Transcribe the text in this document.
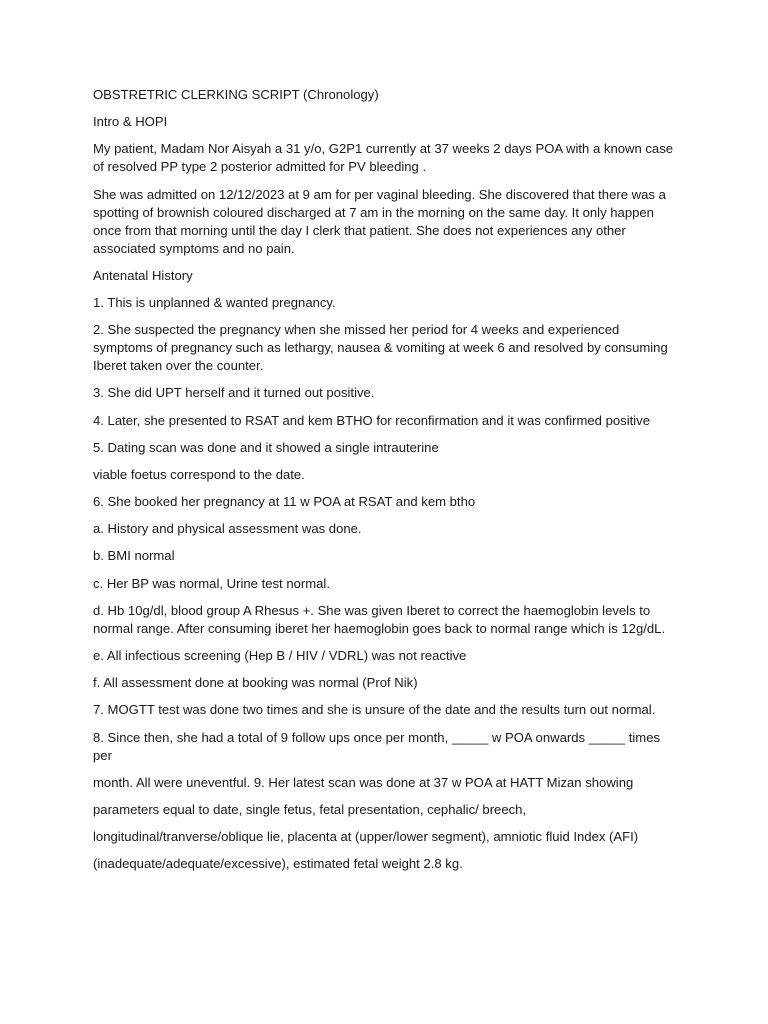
OBSTRETRIC CLERKING SCRIPT (Chronology)

Intro & HOPI

My patient, Madam Nor Aisyah a 31 y/o, G2P1 currently at 37 weeks 2 days POA with a known case of resolved PP type 2 posterior admitted for PV bleeding .

She was admitted on 12/12/2023 at 9 am for per vaginal bleeding. She discovered that there was a spotting of brownish coloured discharged at 7 am in the morning on the same day. It only happen once from that morning until the day I clerk that patient. She does not experiences any other associated symptoms and no pain.

Antenatal History

1. This is unplanned & wanted pregnancy.

2. She suspected the pregnancy when she missed her period for 4 weeks and experienced symptoms of pregnancy such as lethargy, nausea & vomiting at week 6 and resolved by consuming Iberet taken over the counter.

3. She did UPT herself and it turned out positive.

4. Later, she presented to RSAT and kem BTHO for reconfirmation and it was confirmed positive

5. Dating scan was done and it showed a single intrauterine

viable foetus correspond to the date.

6. She booked her pregnancy at 11 w POA at RSAT and kem btho

a. History and physical assessment was done.

b. BMI normal

c. Her BP was normal, Urine test normal.

d. Hb 10g/dl, blood group A Rhesus +. She was given Iberet to correct the haemoglobin levels to normal range. After consuming iberet her haemoglobin goes back to normal range which is 12g/dL.

e. All infectious screening (Hep B / HIV / VDRL) was not reactive

f. All assessment done at booking was normal (Prof Nik)

7. MOGTT test was done two times and she is unsure of the date and the results turn out normal.

8. Since then, she had a total of 9 follow ups once per month, _____ w POA onwards _____ times per

month. All were uneventful. 9. Her latest scan was done at 37 w POA at HATT Mizan showing

parameters equal to date, single fetus, fetal presentation, cephalic/ breech,

longitudinal/tranverse/oblique lie, placenta at (upper/lower segment), amniotic fluid Index (AFI)

(inadequate/adequate/excessive), estimated fetal weight 2.8 kg.
